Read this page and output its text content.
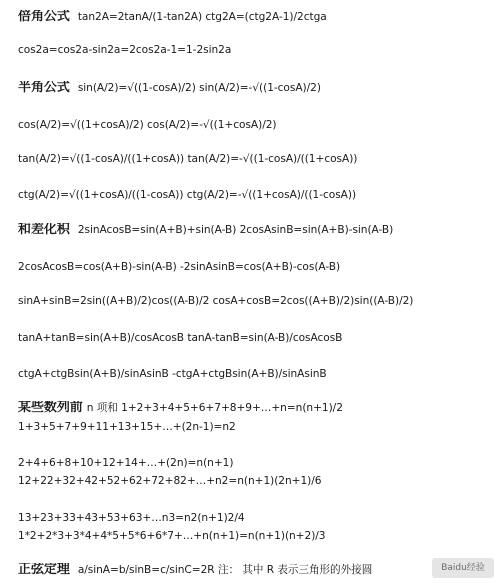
倍角公式 tan2A=2tanA/(1-tan2A) ctg2A=(ctg2A-1)/2ctga
cos2a=cos2a-sin2a=2cos2a-1=1-2sin2a
半角公式 sin(A/2)=√((1-cosA)/2) sin(A/2)=-√((1-cosA)/2)
cos(A/2)=√((1+cosA)/2) cos(A/2)=-√((1+cosA)/2)
tan(A/2)=√((1-cosA)/((1+cosA)) tan(A/2)=-√((1-cosA)/((1+cosA))
ctg(A/2)=√((1+cosA)/((1-cosA)) ctg(A/2)=-√((1+cosA)/((1-cosA))
和差化积 2sinAcosB=sin(A+B)+sin(A-B) 2cosAsinB=sin(A+B)-sin(A-B)
2cosAcosB=cos(A+B)-sin(A-B) -2sinAsinB=cos(A+B)-cos(A-B)
sinA+sinB=2sin((A+B)/2)cos((A-B)/2 cosA+cosB=2cos((A+B)/2)sin((A-B)/2)
tanA+tanB=sin(A+B)/cosAcosB tanA-tanB=sin(A-B)/cosAcosB
ctgA+ctgBsin(A+B)/sinAsinB -ctgA+ctgBsin(A+B)/sinAsinB
某些数列前 n 项和 1+2+3+4+5+6+7+8+9+…+n=n(n+1)/2
1+3+5+7+9+11+13+15+…+(2n-1)=n2
2+4+6+8+10+12+14+…+(2n)=n(n+1)
12+22+32+42+52+62+72+82+…+n2=n(n+1)(2n+1)/6
13+23+33+43+53+63+…n3=n2(n+1)2/4
1*2+2*3+3*4+4*5+5*6+6*7+…+n(n+1)=n(n+1)(n+2)/3
正弦定理 a/sinA=b/sinB=c/sinC=2R 注： 其中 R 表示三角形的外接圆	Baidu经验
